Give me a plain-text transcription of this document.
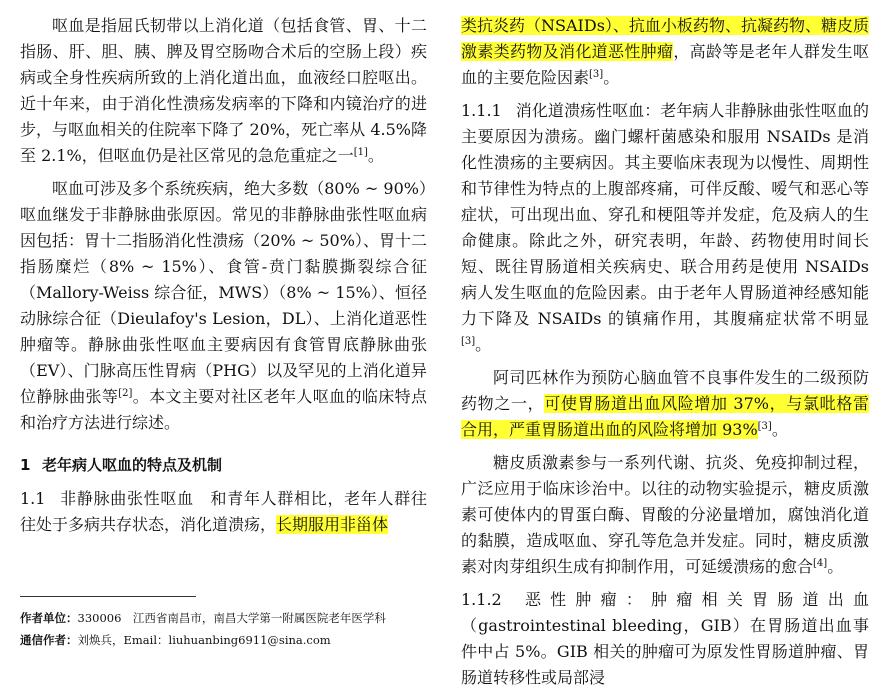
呕血是指屈氏韧带以上消化道（包括食管、胃、十二指肠、肝、胆、胰、脾及胃空肠吻合术后的空肠上段）疾病或全身性疾病所致的上消化道出血，血液经口腔呕出。近十年来，由于消化性溃疡发病率的下降和内镜治疗的进步，与呕血相关的住院率下降了 20%，死亡率从 4.5%降至 2.1%，但呕血仍是社区常见的急危重症之一[1]。

呕血可涉及多个系统疾病，绝大多数（80% ~ 90%）呕血继发于非静脉曲张原因。常见的非静脉曲张性呕血病因包括：胃十二指肠消化性溃疡（20% ~ 50%）、胃十二指肠糜烂（8% ~ 15%）、食管-贲门黏膜撕裂综合征（Mallory-Weiss 综合征，MWS）（8% ~ 15%）、恒径动脉综合征（Dieulafoy's Lesion，DL）、上消化道恶性肿瘤等。静脉曲张性呕血主要病因有食管胃底静脉曲张（EV）、门脉高压性胃病（PHG）以及罕见的上消化道异位静脉曲张等[2]。本文主要对社区老年人呕血的临床特点和治疗方法进行综述。

1 老年病人呕血的特点及机制

1.1 非静脉曲张性呕血　 和青年人群相比，老年人群往往处于多病共存状态，消化道溃疡，长期服用非甾体

作者单位：330006　江西省南昌市，南昌大学第一附属医院老年医学科
通信作者：刘焕兵，Email：liuhuanbing6911@sina.com

类抗炎药（NSAIDs）、抗血小板药物、抗凝药物、糖皮质激素类药物及消化道恶性肿瘤，高龄等是老年人群发生呕血的主要危险因素[3]。

1.1.1 消化道溃疡性呕血：老年病人非静脉曲张性呕血的主要原因为溃疡。幽门螺杆菌感染和服用 NSAIDs 是消化性溃疡的主要病因。其主要临床表现为以慢性、周期性和节律性为特点的上腹部疼痛，可伴反酸、嗳气和恶心等症状，可出现出血、穿孔和梗阻等并发症，危及病人的生命健康。除此之外，研究表明，年龄、药物使用时间长短、既往胃肠道相关疾病史、联合用药是使用 NSAIDs 病人发生呕血的危险因素。由于老年人胃肠道神经感知能力下降及 NSAIDs 的镇痛作用，其腹痛症状常不明显[3]。

阿司匹林作为预防心脑血管不良事件发生的二级预防药物之一，可使胃肠道出血风险增加 37%，与氯吡格雷合用，严重胃肠道出血的风险将增加 93%[3]。

糖皮质激素参与一系列代谢、抗炎、免疫抑制过程，广泛应用于临床诊治中。以往的动物实验提示，糖皮质激素可使体内的胃蛋白酶、胃酸的分泌量增加，腐蚀消化道的黏膜，造成呕血、穿孔等危急并发症。同时，糖皮质激素对肉芽组织生成有抑制作用，可延缓溃疡的愈合[4]。

1.1.2 恶性肿瘤：肿瘤相关胃肠道出血（gastrointestinal bleeding，GIB）在胃肠道出血事件中占 5%。GIB 相关的肿瘤可为原发性胃肠道肿瘤、胃肠道转移性或局部浸
